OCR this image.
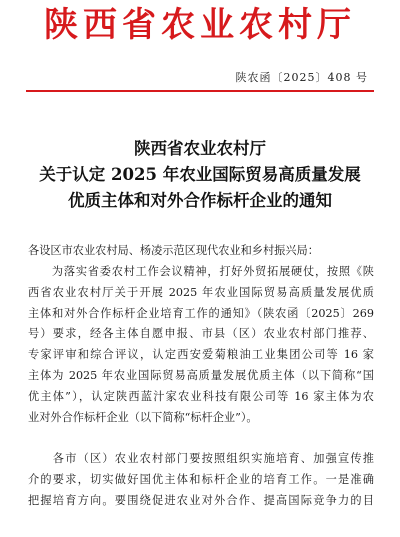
陕西省农业农村厅
陕农函〔2025〕408 号
陕西省农业农村厅
关于认定 2025 年农业国际贸易高质量发展
优质主体和对外合作标杆企业的通知
各设区市农业农村局、杨凌示范区现代农业和乡村振兴局：
　　为落实省委农村工作会议精神，打好外贸拓展硬仗，按照《陕
西省农业农村厅关于开展 2025 年农业国际贸易高质量发展优质
主体和对外合作标杆企业培育工作的通知》（陕农函〔2025〕269
号）要求，经各主体自愿申报、市县（区）农业农村部门推荐、
专家评审和综合评议，认定西安爱菊粮油工业集团公司等 16 家
主体为 2025 年农业国际贸易高质量发展优质主体（以下简称“国
优主体”），认定陕西蓝汁家农业科技有限公司等 16 家主体为农
业对外合作标杆企业（以下简称“标杆企业”）。
　　各市（区）农业农村部门要按照组织实施培育、加强宣传推
介的要求，切实做好国优主体和标杆企业的培育工作。一是准确
把握培育方向。要围绕促进农业对外合作、提高国际竞争力的目
